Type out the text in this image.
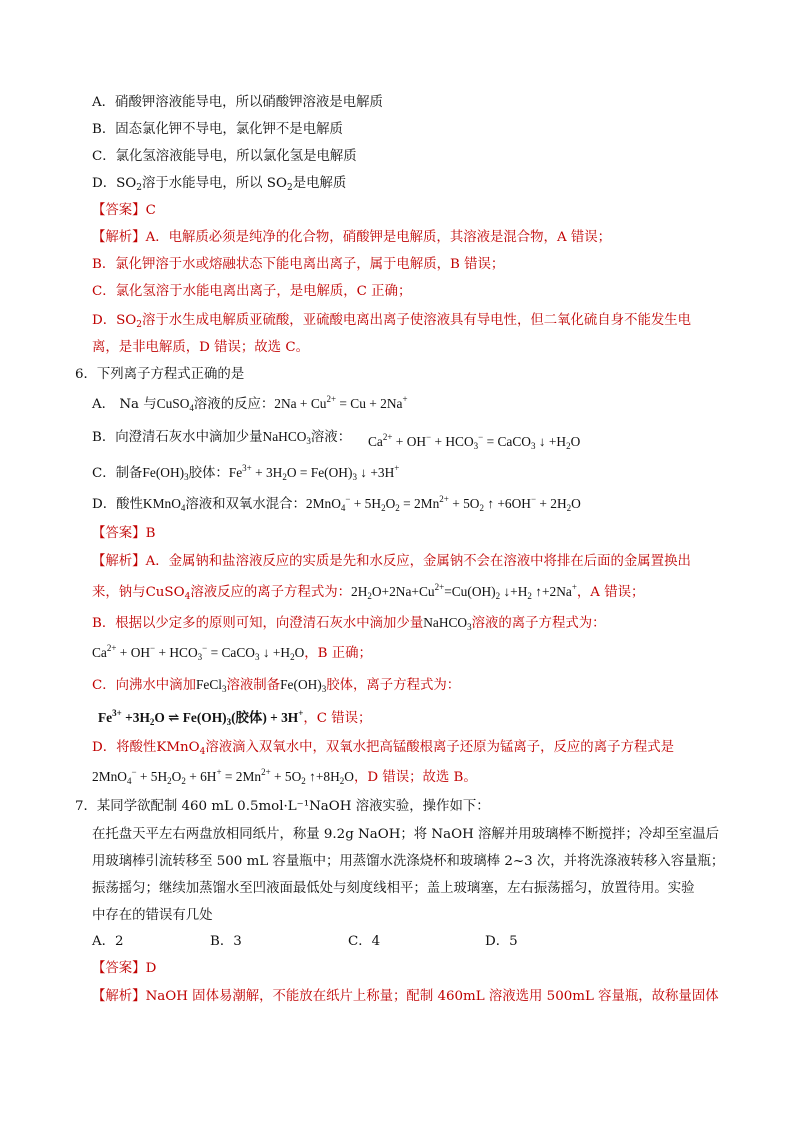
A．硝酸钾溶液能导电，所以硝酸钾溶液是电解质
B．固态氯化钾不导电，氯化钾不是电解质
C．氯化氢溶液能导电，所以氯化氢是电解质
D．$SO_2$溶于水能导电，所以 $SO_2$是电解质
【答案】C
【解析】A．电解质必须是纯净的化合物，硝酸钾是电解质，其溶液是混合物，A 错误；
B．氯化钾溶于水或熔融状态下能电离出离子，属于电解质，B 错误；
C．氯化氢溶于水能电离出离子，是电解质，C 正确；
D．$SO_2$溶于水生成电解质亚硫酸，亚硫酸电离出离子使溶液具有导电性，但二氧化硫自身不能发生电
离，是非电解质，D 错误；故选 C。
6．下列离子方程式正确的是
A． Na 与CuSO$_4$溶液的反应：$2Na + Cu^{2+} = Cu + 2Na^+$
B．向澄清石灰水中滴加少量NaHCO$_3$溶液： $Ca^{2+} + OH^- + HCO_3^-$ = CaCO$_3$ ↓ $+H_2O$
C．制备$Fe(OH)_3$胶体：$Fe^{3+} + 3H_2O = Fe(OH)_3$ ↓ +3H+
D．酸性KMnO$_4$溶液和双氧水混合：$2MnO_4^- + 5H_2O_2 = 2Mn^{2+} + 5O_2$ ↑ $+6OH^- + 2H_2O$
【答案】B
【解析】A．金属钠和盐溶液反应的实质是先和水反应，金属钠不会在溶液中将排在后面的金属置换出
来，钠与CuSO$_4$溶液反应的离子方程式为：$2H_2O+2Na+Cu^{2+}=Cu(OH)_2$ $↓+H_2$ ↑+2Na+，A 错误；
B．根据以少定多的原则可知，向澄清石灰水中滴加少量NaHCO$_3$溶液的离子方程式为：
$Ca^{2+} + OH^- + HCO_3^-$ = CaCO$_3$ ↓ $+H_2O$，B 正确；
C．向沸水中滴加FeCl$_3$溶液制备$Fe(OH)_3$胶体，离子方程式为：
$Fe^{3+} +3H_2O$ ⇌ $Fe(OH)_3$(胶体) + 3H+，C 错误；
D．将酸性KMnO$_4$溶液滴入双氧水中，双氧水把高锰酸根离子还原为锰离子，反应的离子方程式是
$2MnO_4^- + 5H_2O_2 + 6H^+ = 2Mn^{2+} + 5O_2$ $↑+8H_2O$，D 错误；故选 B。
7．某同学欲配制 460 mL 0.5mol·L⁻¹NaOH 溶液实验，操作如下：
在托盘天平左右两盘放相同纸片，称量 9.2g NaOH；将 NaOH 溶解并用玻璃棒不断搅拌；冷却至室温后
用玻璃棒引流转移至 500 mL 容量瓶中；用蒸馏水洗涤烧杯和玻璃棒 2~3 次，并将洗涤液转移入容量瓶；
振荡摇匀；继续加蒸馏水至凹液面最低处与刻度线相平；盖上玻璃塞，左右振荡摇匀，放置待用。实验
中存在的错误有几处
A．2	B．3	C．4	D．5
【答案】D
【解析】NaOH 固体易潮解，不能放在纸片上称量；配制 460mL 溶液选用 500mL 容量瓶，故称量固体
